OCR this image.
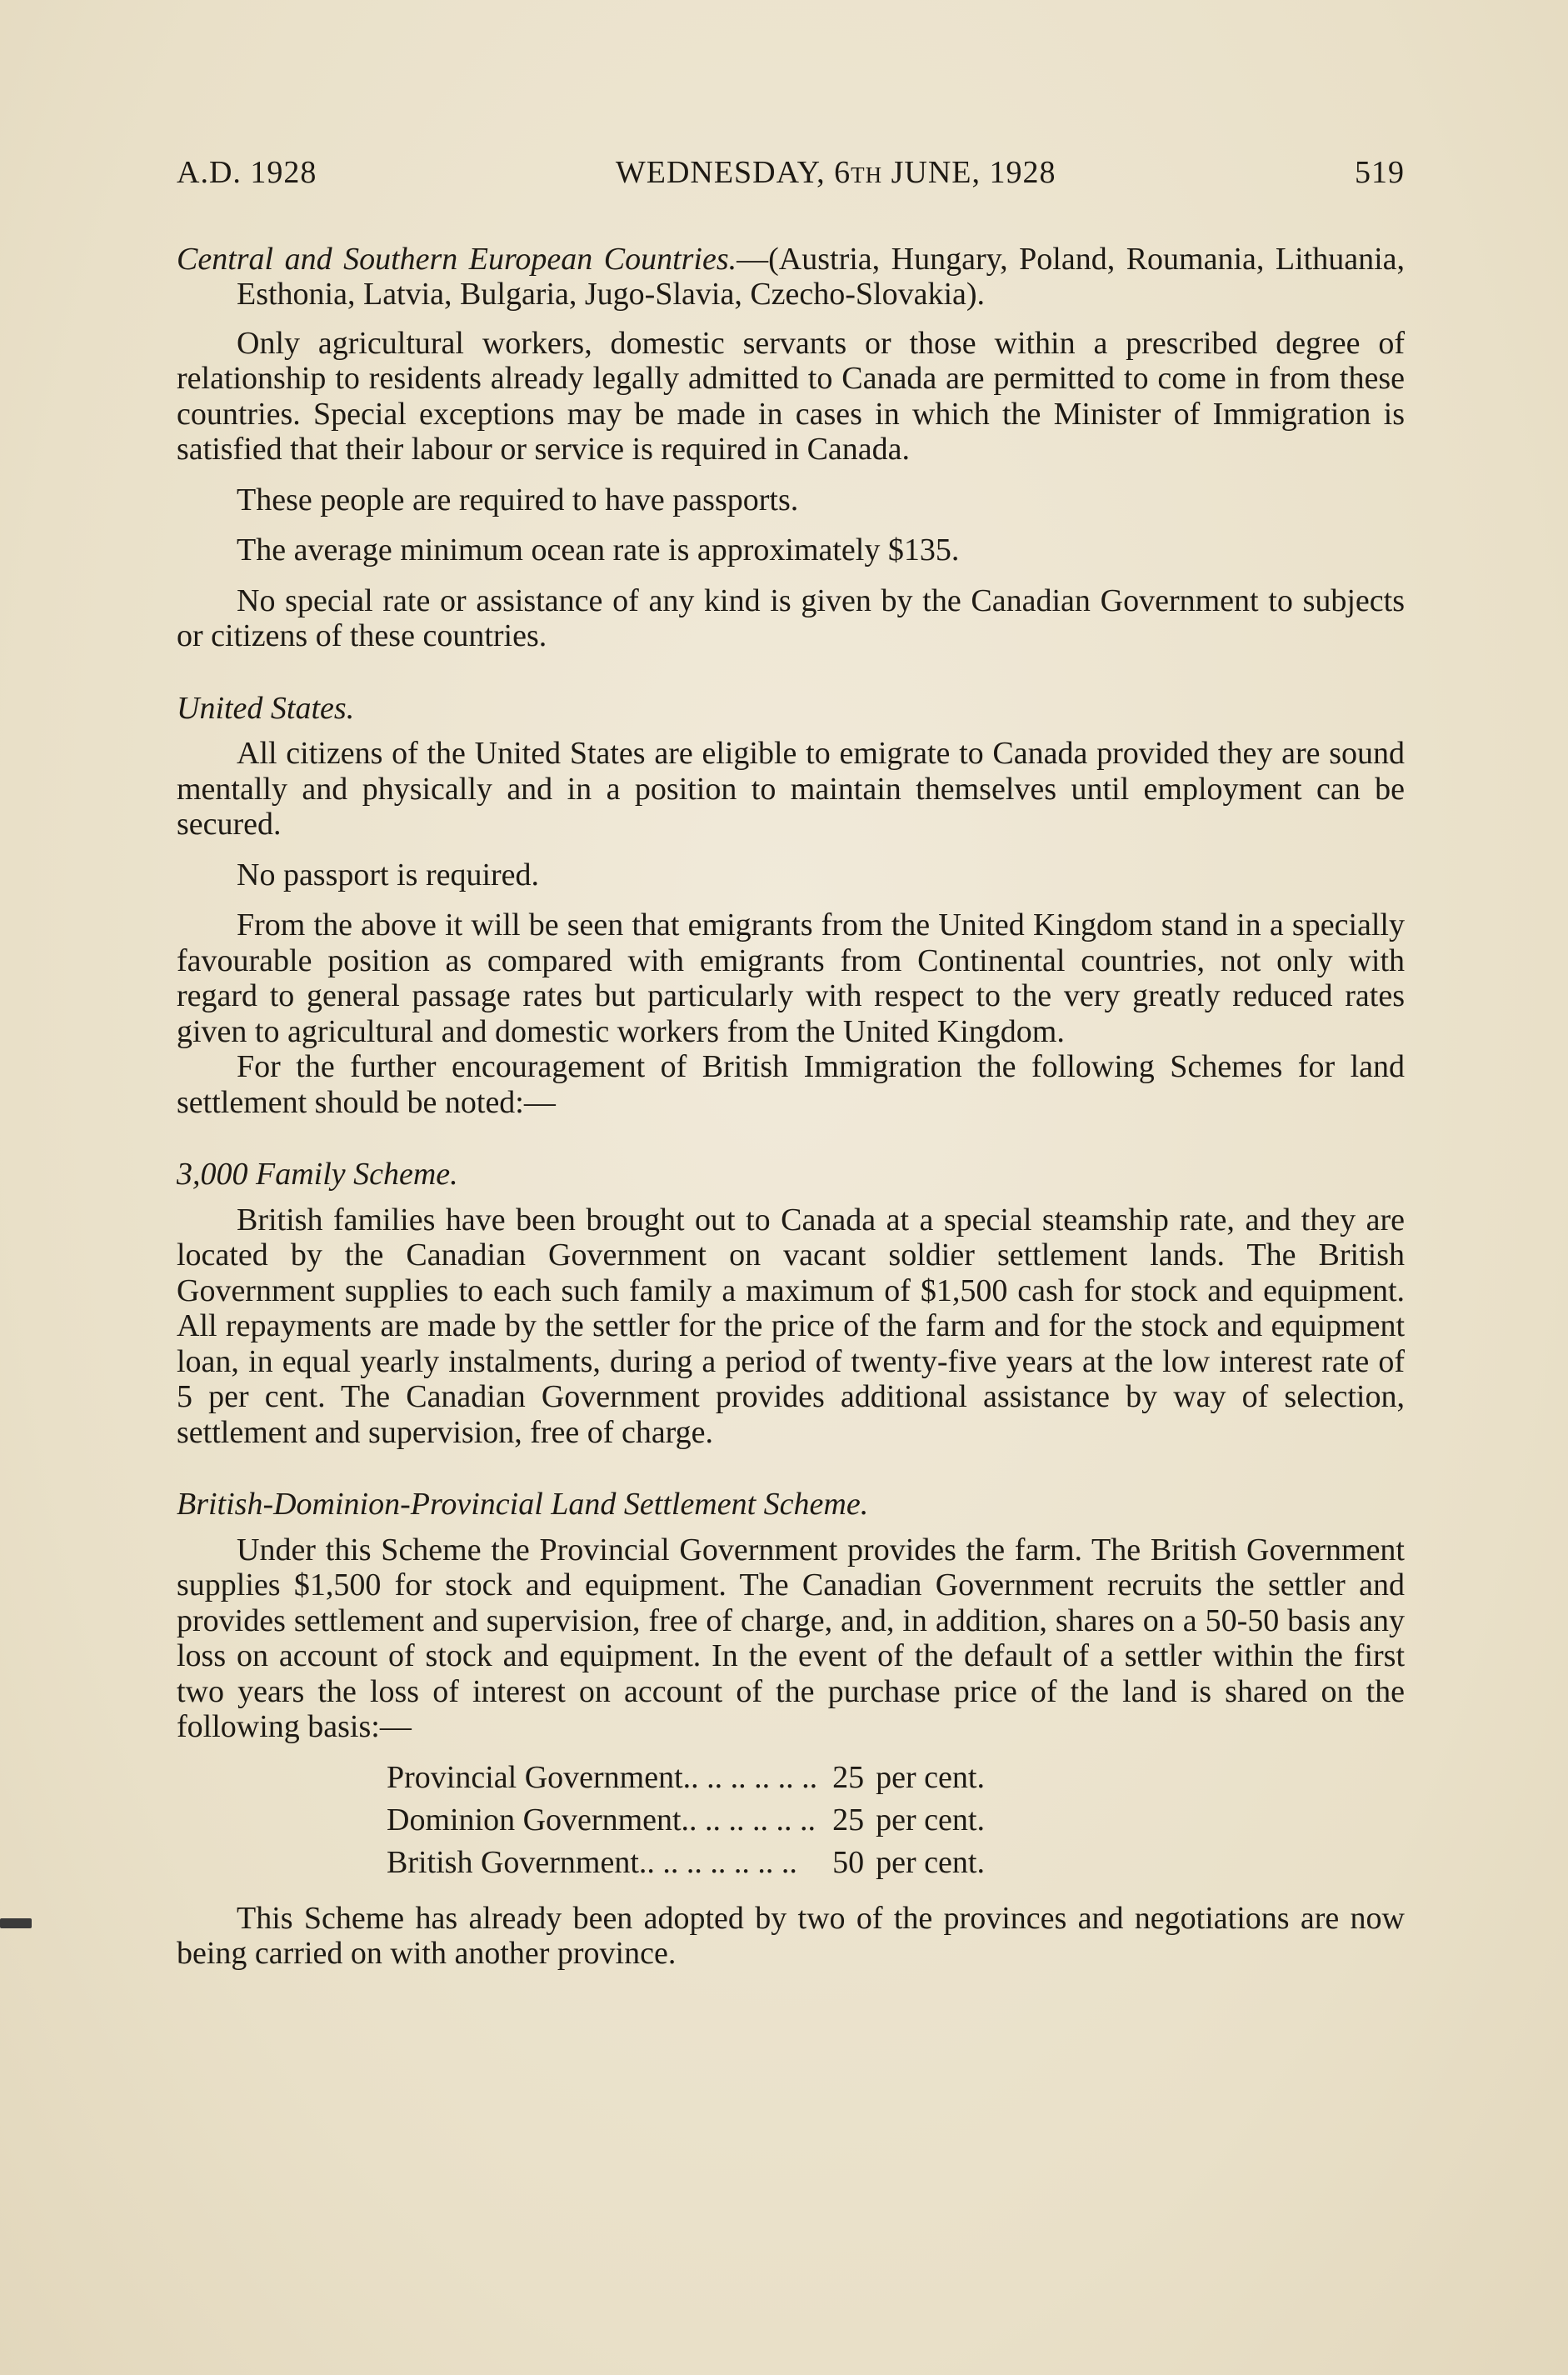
A.D. 1928	WEDNESDAY, 6TH JUNE, 1928	519

Central and Southern European Countries.—(Austria, Hungary, Poland, Roumania, Lithuania, Esthonia, Latvia, Bulgaria, Jugo-Slavia, Czecho-Slovakia).

Only agricultural workers, domestic servants or those within a prescribed degree of relationship to residents already legally admitted to Canada are permitted to come in from these countries. Special exceptions may be made in cases in which the Minister of Immigration is satisfied that their labour or service is required in Canada.

These people are required to have passports.

The average minimum ocean rate is approximately $135.

No special rate or assistance of any kind is given by the Canadian Government to subjects or citizens of these countries.

United States.

All citizens of the United States are eligible to emigrate to Canada provided they are sound mentally and physically and in a position to maintain themselves until employment can be secured.

No passport is required.

From the above it will be seen that emigrants from the United Kingdom stand in a specially favourable position as compared with emigrants from Continental countries, not only with regard to general passage rates but particularly with respect to the very greatly reduced rates given to agricultural and domestic workers from the United Kingdom.

For the further encouragement of British Immigration the following Schemes for land settlement should be noted:—

3,000 Family Scheme.

British families have been brought out to Canada at a special steamship rate, and they are located by the Canadian Government on vacant soldier settlement lands. The British Government supplies to each such family a maximum of $1,500 cash for stock and equipment. All repayments are made by the settler for the price of the farm and for the stock and equipment loan, in equal yearly instalments, during a period of twenty-five years at the low interest rate of 5 per cent. The Canadian Government provides additional assistance by way of selection, settlement and supervision, free of charge.

British-Dominion-Provincial Land Settlement Scheme.

Under this Scheme the Provincial Government provides the farm. The British Government supplies $1,500 for stock and equipment. The Canadian Government recruits the settler and provides settlement and supervision, free of charge, and, in addition, shares on a 50-50 basis any loss on account of stock and equipment. In the event of the default of a settler within the first two years the loss of interest on account of the purchase price of the land is shared on the following basis:—

Provincial Government.. .. .. .. .. ..	25	per cent.
Dominion Government.. .. .. .. .. ..	25	per cent.
British Government.. .. .. .. .. .. ..	50	per cent.

This Scheme has already been adopted by two of the provinces and negotiations are now being carried on with another province.
